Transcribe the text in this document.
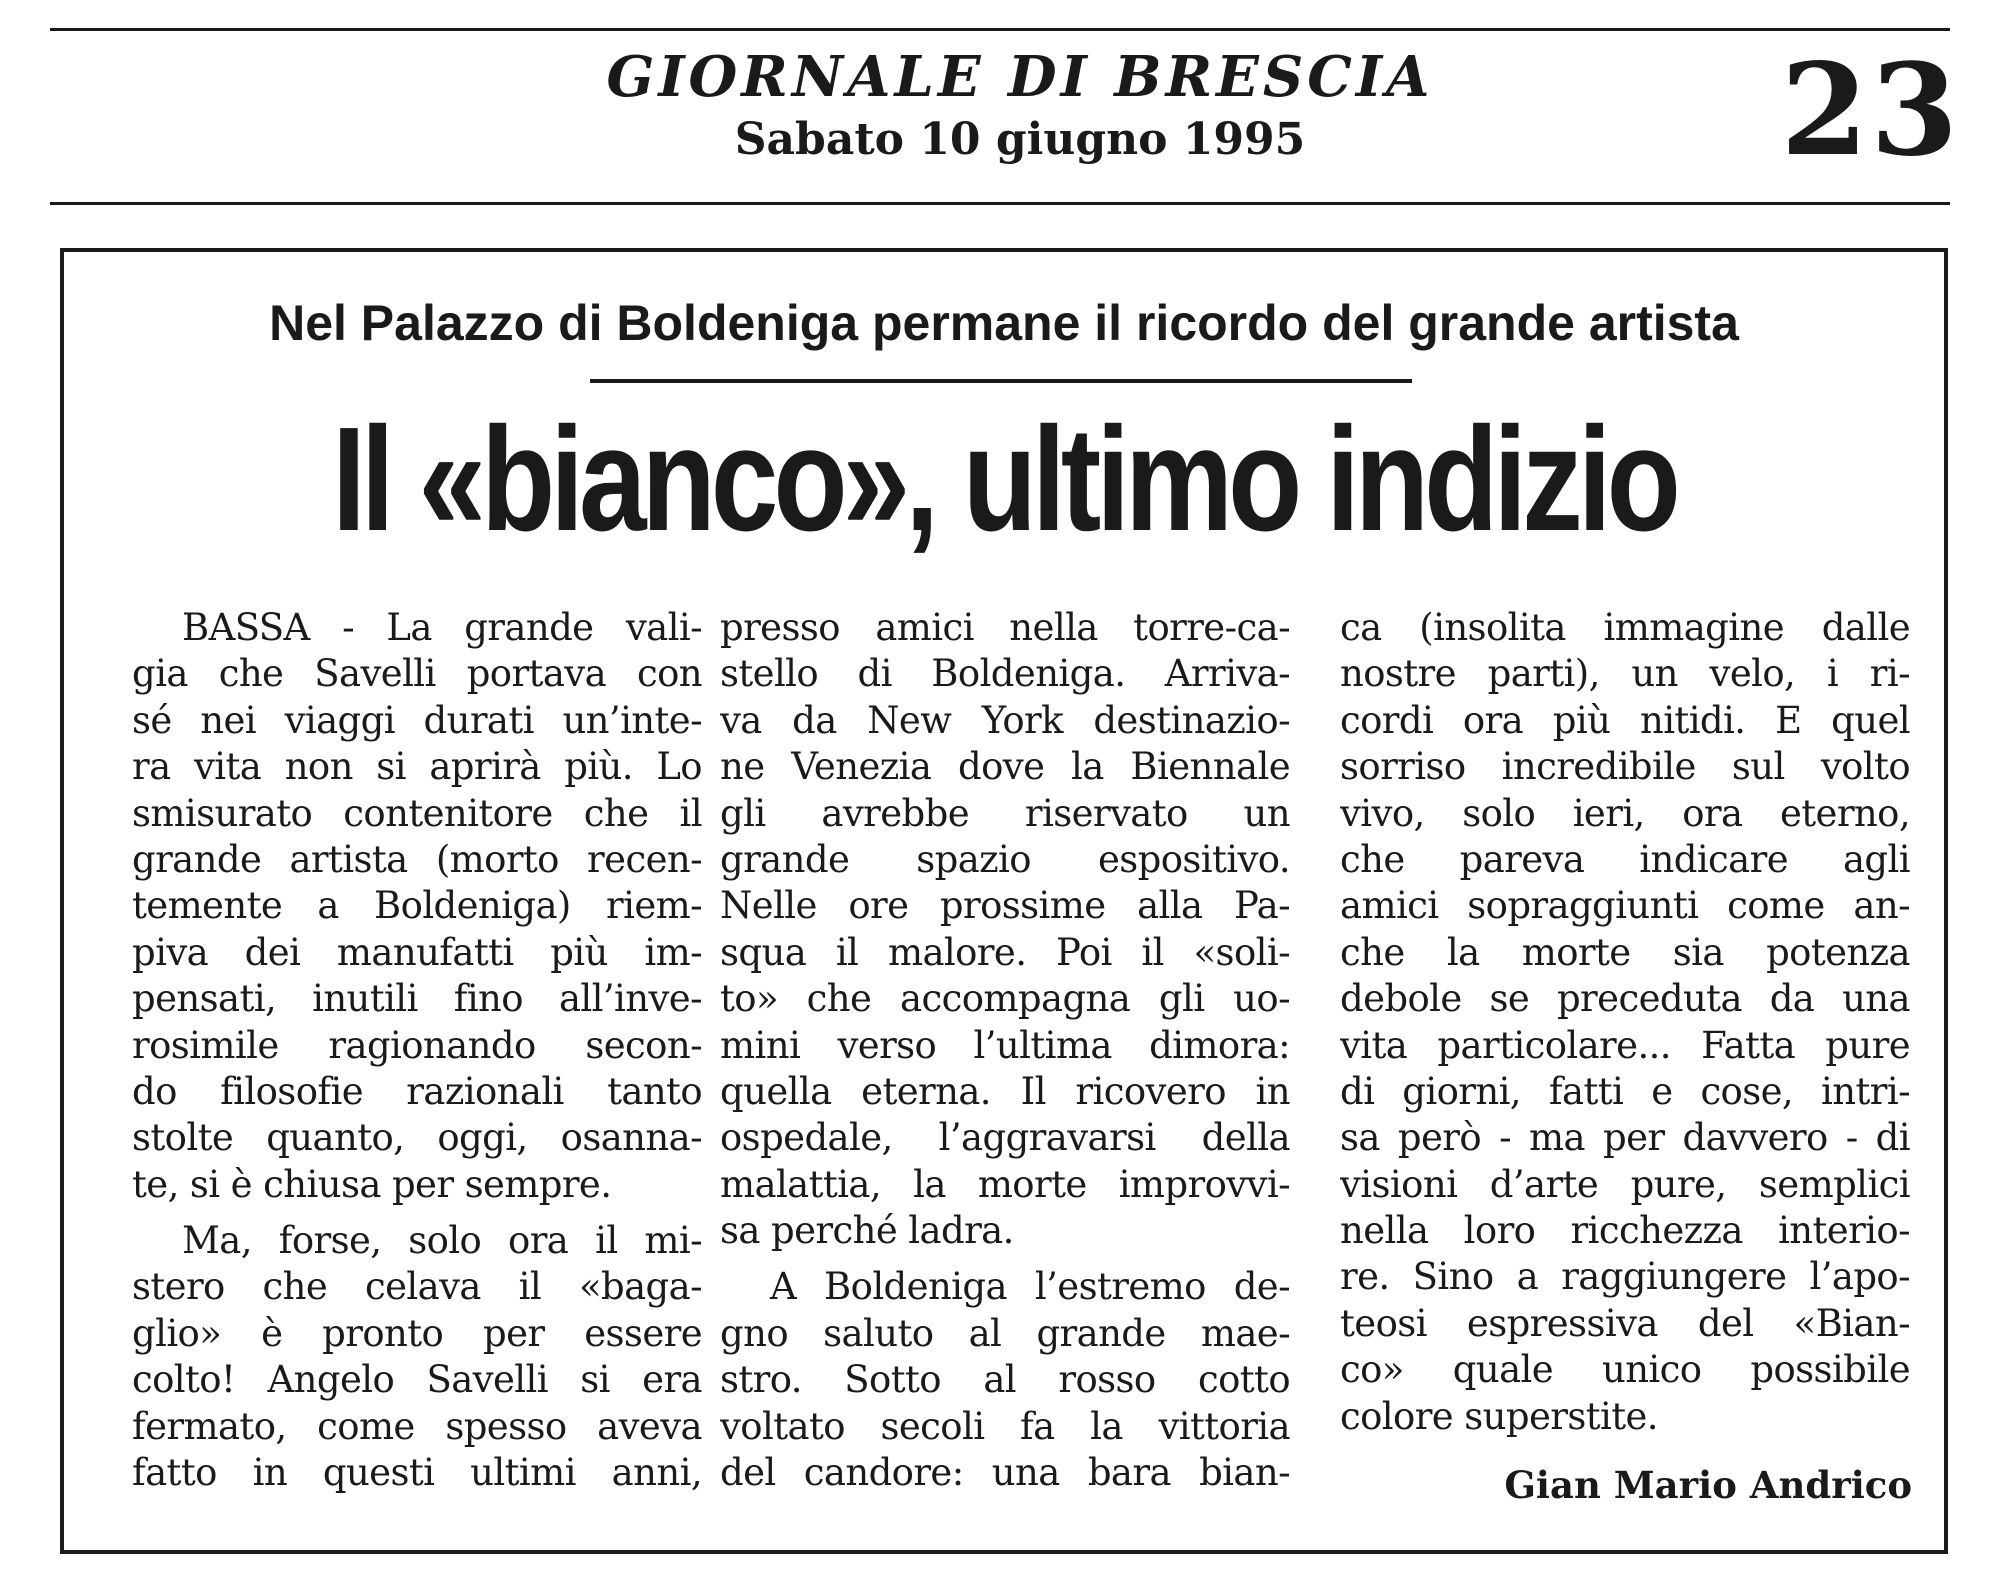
GIORNALE DI BRESCIA
Sabato 10 giugno 1995	23
Nel Palazzo di Boldeniga permane il ricordo del grande artista
Il «bianco», ultimo indizio
BASSA - La grande vali-
gia che Savelli portava con
sé nei viaggi durati un’inte-
ra vita non si aprirà più. Lo
smisurato contenitore che il
grande artista (morto recen-
temente a Boldeniga) riem-
piva dei manufatti più im-
pensati, inutili fino all’inve-
rosimile ragionando secon-
do filosofie razionali tanto
stolte quanto, oggi, osanna-
te, si è chiusa per sempre.
Ma, forse, solo ora il mi-
stero che celava il «baga-
glio» è pronto per essere
colto! Angelo Savelli si era
fermato, come spesso aveva
fatto in questi ultimi anni,
presso amici nella torre-ca-
stello di Boldeniga. Arriva-
va da New York destinazio-
ne Venezia dove la Biennale
gli avrebbe riservato un
grande spazio espositivo.
Nelle ore prossime alla Pa-
squa il malore. Poi il «soli-
to» che accompagna gli uo-
mini verso l’ultima dimora:
quella eterna. Il ricovero in
ospedale, l’aggravarsi della
malattia, la morte improvvi-
sa perché ladra.
A Boldeniga l’estremo de-
gno saluto al grande mae-
stro. Sotto al rosso cotto
voltato secoli fa la vittoria
del candore: una bara bian-
ca (insolita immagine dalle
nostre parti), un velo, i ri-
cordi ora più nitidi. E quel
sorriso incredibile sul volto
vivo, solo ieri, ora eterno,
che pareva indicare agli
amici sopraggiunti come an-
che la morte sia potenza
debole se preceduta da una
vita particolare... Fatta pure
di giorni, fatti e cose, intri-
sa però - ma per davvero - di
visioni d’arte pure, semplici
nella loro ricchezza interio-
re. Sino a raggiungere l’apo-
teosi espressiva del «Bian-
co» quale unico possibile
colore superstite.
Gian Mario Andrico
